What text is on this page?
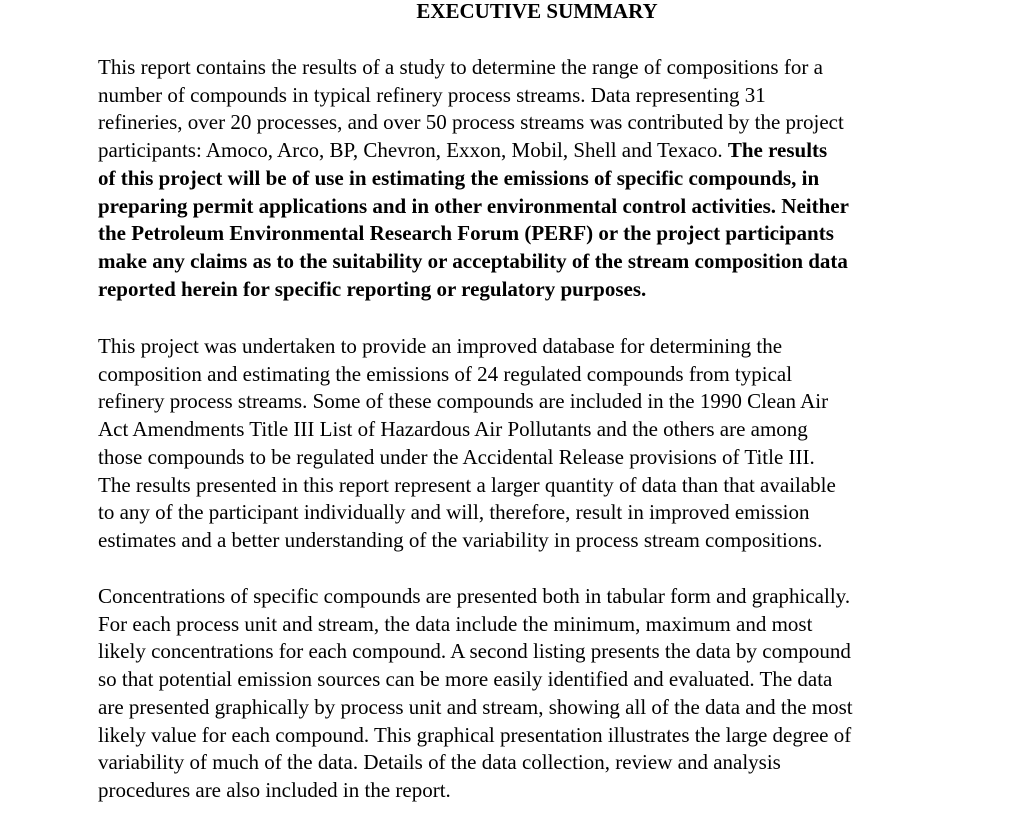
EXECUTIVE SUMMARY

This report contains the results of a study to determine the range of compositions for a
number of compounds in typical refinery process streams. Data representing 31
refineries, over 20 processes, and over 50 process streams was contributed by the project
participants: Amoco, Arco, BP, Chevron, Exxon, Mobil, Shell and Texaco. The results
of this project will be of use in estimating the emissions of specific compounds, in
preparing permit applications and in other environmental control activities. Neither
the Petroleum Environmental Research Forum (PERF) or the project participants
make any claims as to the suitability or acceptability of the stream composition data
reported herein for specific reporting or regulatory purposes.

This project was undertaken to provide an improved database for determining the
composition and estimating the emissions of 24 regulated compounds from typical
refinery process streams. Some of these compounds are included in the 1990 Clean Air
Act Amendments Title III List of Hazardous Air Pollutants and the others are among
those compounds to be regulated under the Accidental Release provisions of Title III.
The results presented in this report represent a larger quantity of data than that available
to any of the participant individually and will, therefore, result in improved emission
estimates and a better understanding of the variability in process stream compositions.

Concentrations of specific compounds are presented both in tabular form and graphically.
For each process unit and stream, the data include the minimum, maximum and most
likely concentrations for each compound. A second listing presents the data by compound
so that potential emission sources can be more easily identified and evaluated. The data
are presented graphically by process unit and stream, showing all of the data and the most
likely value for each compound. This graphical presentation illustrates the large degree of
variability of much of the data. Details of the data collection, review and analysis
procedures are also included in the report.
